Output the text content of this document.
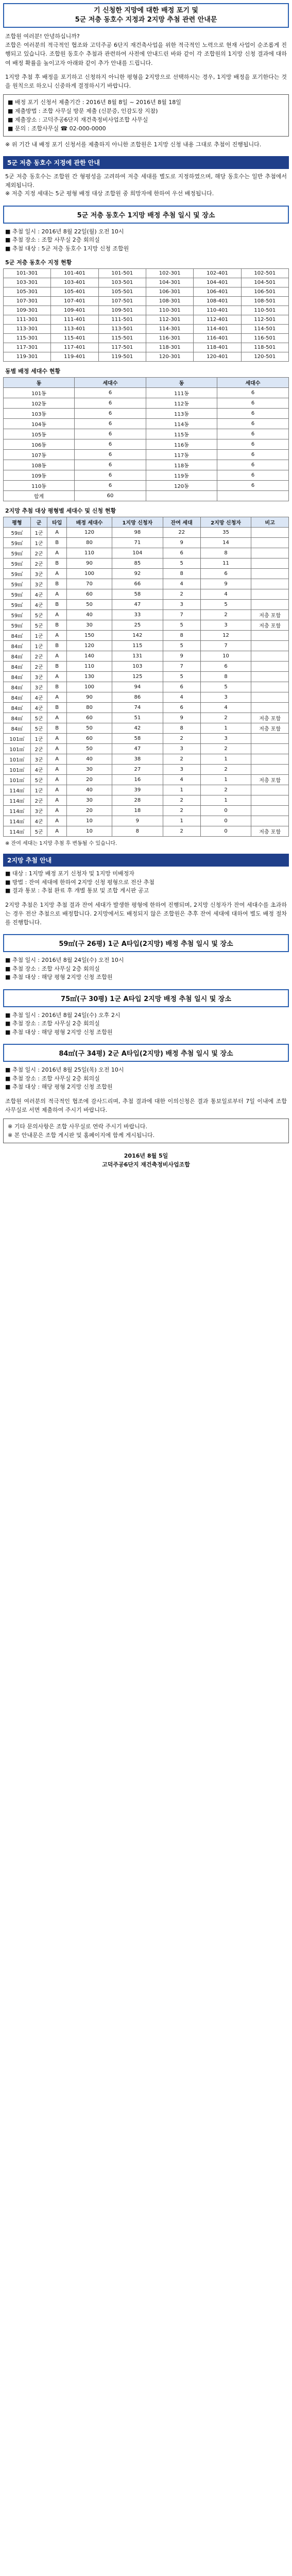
기 신청한 지망에 대한 배정 포기 및
5군 저층 동호수 지정과 2지망 추첨 관련 안내문
조합원 여러분! 안녕하십니까?
조합은 여러분의 적극적인 협조와 고덕주공 6단지 재건축사업을 위한 적극적인 노력으로 현재 사업이 순조롭게 진행되고 있습니다. 조합원 동호수 추첨과 관련하여 사전에 안내드린 바와 같이 각 조합원의 1지망 신청 결과에 대하여 배정 확률을 높이고자 아래와 같이 추가 안내를 드립니다.
1지망 추첨 후 배정을 포기하고 신청하지 아니한 평형을 2지망으로 선택하시는 경우, 1지망 배정을 포기한다는 것을 원칙으로 하오니 신중하게 결정하시기 바랍니다.
■ 배정 포기 신청서 제출기간 : 2016년 8월 8일 ~ 2016년 8월 18일
■ 제출방법 : 조합 사무실 방문 제출 (신분증, 인감도장 지참)
■ 제출장소 : 고덕주공6단지 재건축정비사업조합 사무실
■ 문의 : 조합사무실 ☎ 02-000-0000
※ 위 기간 내 배정 포기 신청서를 제출하지 아니한 조합원은 1지망 신청 내용 그대로 추첨이 진행됩니다.
5군 저층 동호수 지정에 관한 안내
5군 저층 동호수는 조합원 간 형평성을 고려하여 저층 세대를 별도로 지정하였으며, 해당 동호수는 일반 추첨에서 제외됩니다.
※ 저층 지정 세대는 5군 평형 배정 대상 조합원 중 희망자에 한하여 우선 배정됩니다.
5군 저층 동호수 1지망 배정 추첨 일시 및 장소
■ 추첨 일시 : 2016년 8월 22일(월) 오전 10시
■ 추첨 장소 : 조합 사무실 2층 회의실
■ 추첨 대상 : 5군 저층 동호수 1지망 신청 조합원
5군 저층 동호수 지정 현황
101-301	101-401	101-501	102-301	102-401	102-501
103-301	103-401	103-501	104-301	104-401	104-501
105-301	105-401	105-501	106-301	106-401	106-501
107-301	107-401	107-501	108-301	108-401	108-501
109-301	109-401	109-501	110-301	110-401	110-501
111-301	111-401	111-501	112-301	112-401	112-501
113-301	113-401	113-501	114-301	114-401	114-501
115-301	115-401	115-501	116-301	116-401	116-501
117-301	117-401	117-501	118-301	118-401	118-501
119-301	119-401	119-501	120-301	120-401	120-501
동별 배정 세대수 현황
동	세대수	동	세대수
101동	6	111동	6
102동	6	112동	6
103동	6	113동	6
104동	6	114동	6
105동	6	115동	6
106동	6	116동	6
107동	6	117동	6
108동	6	118동	6
109동	6	119동	6
110동	6	120동	6
합계	60		
2지망 추첨 대상 평형별 세대수 및 신청 현황
평형	군	타입	배정 세대수	1지망 신청자	잔여 세대	2지망 신청자	비고
59㎡	1군	A	120	98	22	35	
59㎡	1군	B	80	71	9	14	
59㎡	2군	A	110	104	6	8	
59㎡	2군	B	90	85	5	11	
59㎡	3군	A	100	92	8	6	
59㎡	3군	B	70	66	4	9	
59㎡	4군	A	60	58	2	4	
59㎡	4군	B	50	47	3	5	
59㎡	5군	A	40	33	7	2	저층 포함
59㎡	5군	B	30	25	5	3	저층 포함
84㎡	1군	A	150	142	8	12	
84㎡	1군	B	120	115	5	7	
84㎡	2군	A	140	131	9	10	
84㎡	2군	B	110	103	7	6	
84㎡	3군	A	130	125	5	8	
84㎡	3군	B	100	94	6	5	
84㎡	4군	A	90	86	4	3	
84㎡	4군	B	80	74	6	4	
84㎡	5군	A	60	51	9	2	저층 포함
84㎡	5군	B	50	42	8	1	저층 포함
101㎡	1군	A	60	58	2	3	
101㎡	2군	A	50	47	3	2	
101㎡	3군	A	40	38	2	1	
101㎡	4군	A	30	27	3	2	
101㎡	5군	A	20	16	4	1	저층 포함
114㎡	1군	A	40	39	1	2	
114㎡	2군	A	30	28	2	1	
114㎡	3군	A	20	18	2	0	
114㎡	4군	A	10	9	1	0	
114㎡	5군	A	10	8	2	0	저층 포함
※ 잔여 세대는 1지망 추첨 후 변동될 수 있습니다.
2지망 추첨 안내
■ 대상 : 1지망 배정 포기 신청자 및 1지망 미배정자
■ 방법 : 잔여 세대에 한하여 2지망 신청 평형으로 전산 추첨
■ 결과 통보 : 추첨 완료 후 개별 통보 및 조합 게시판 공고
2지망 추첨은 1지망 추첨 결과 잔여 세대가 발생한 평형에 한하여 진행되며, 2지망 신청자가 잔여 세대수를 초과하는 경우 전산 추첨으로 배정합니다. 2지망에서도 배정되지 않은 조합원은 추후 잔여 세대에 대하여 별도 배정 절차를 진행합니다.
59㎡(구 26평) 1군 A타입(2지망) 배정 추첨 일시 및 장소
■ 추첨 일시 : 2016년 8월 24일(수) 오전 10시
■ 추첨 장소 : 조합 사무실 2층 회의실
■ 추첨 대상 : 해당 평형 2지망 신청 조합원
75㎡(구 30평) 1군 A타입 2지망 배정 추첨 일시 및 장소
■ 추첨 일시 : 2016년 8월 24일(수) 오후 2시
■ 추첨 장소 : 조합 사무실 2층 회의실
■ 추첨 대상 : 해당 평형 2지망 신청 조합원
84㎡(구 34평) 2군 A타입(2지망) 배정 추첨 일시 및 장소
■ 추첨 일시 : 2016년 8월 25일(목) 오전 10시
■ 추첨 장소 : 조합 사무실 2층 회의실
■ 추첨 대상 : 해당 평형 2지망 신청 조합원
조합원 여러분의 적극적인 협조에 감사드리며, 추첨 결과에 대한 이의신청은 결과 통보일로부터 7일 이내에 조합 사무실로 서면 제출하여 주시기 바랍니다.
※ 기타 문의사항은 조합 사무실로 연락 주시기 바랍니다.
※ 본 안내문은 조합 게시판 및 홈페이지에 함께 게시됩니다.
2016년 8월 5일
고덕주공6단지 재건축정비사업조합
